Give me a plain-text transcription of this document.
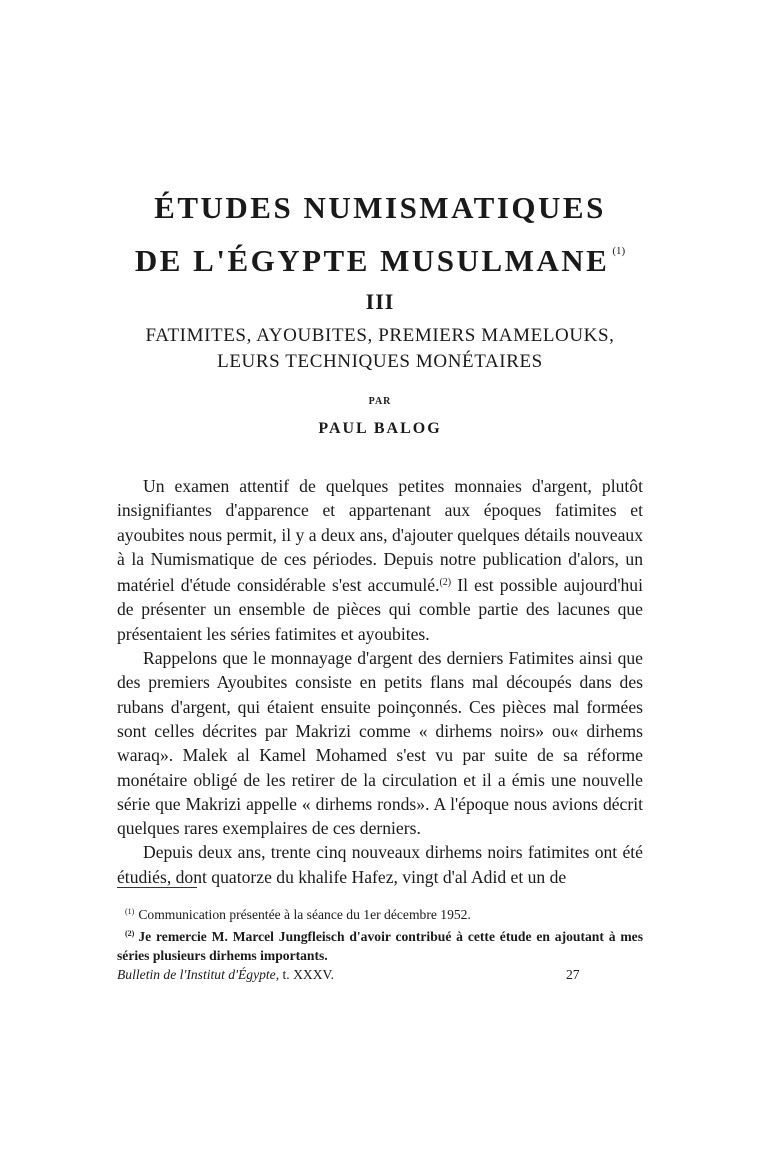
ÉTUDES NUMISMATIQUES
DE L'ÉGYPTE MUSULMANE $^{(1)}$
III
FATIMITES, AYOUBITES, PREMIERS MAMELOUKS,
LEURS TECHNIQUES MONÉTAIRES
PAR
PAUL BALOG

Un examen attentif de quelques petites monnaies d'argent, plutôt insignifiantes d'apparence et appartenant aux époques fatimites et ayoubites nous permit, il y a deux ans, d'ajouter quelques détails nouveaux à la Numismatique de ces périodes. Depuis notre publication d'alors, un matériel d'étude considérable s'est accumulé.$^{(2)}$ Il est possible aujourd'hui de présenter un ensemble de pièces qui comble partie des lacunes que présentaient les séries fatimites et ayoubites.

Rappelons que le monnayage d'argent des derniers Fatimites ainsi que des premiers Ayoubites consiste en petits flans mal découpés dans des rubans d'argent, qui étaient ensuite poinçonnés. Ces pièces mal formées sont celles décrites par Makrizi comme « dirhems noirs» ou« dirhems waraq». Malek al Kamel Mohamed s'est vu par suite de sa réforme monétaire obligé de les retirer de la circulation et il a émis une nouvelle série que Makrizi appelle « dirhems ronds». A l'époque nous avions décrit quelques rares exemplaires de ces derniers.

Depuis deux ans, trente cinq nouveaux dirhems noirs fatimites ont été étudiés, dont quatorze du khalife Hafez, vingt d'al Adid et un de

$^{(1)}$ Communication présentée à la séance du 1er décembre 1952.

$^{(2)}$ Je remercie M. Marcel Jungfleisch d'avoir contribué à cette étude en ajoutant à mes séries plusieurs dirhems importants.

Bulletin de l'Institut d'Égypte, t. XXXV.	27
